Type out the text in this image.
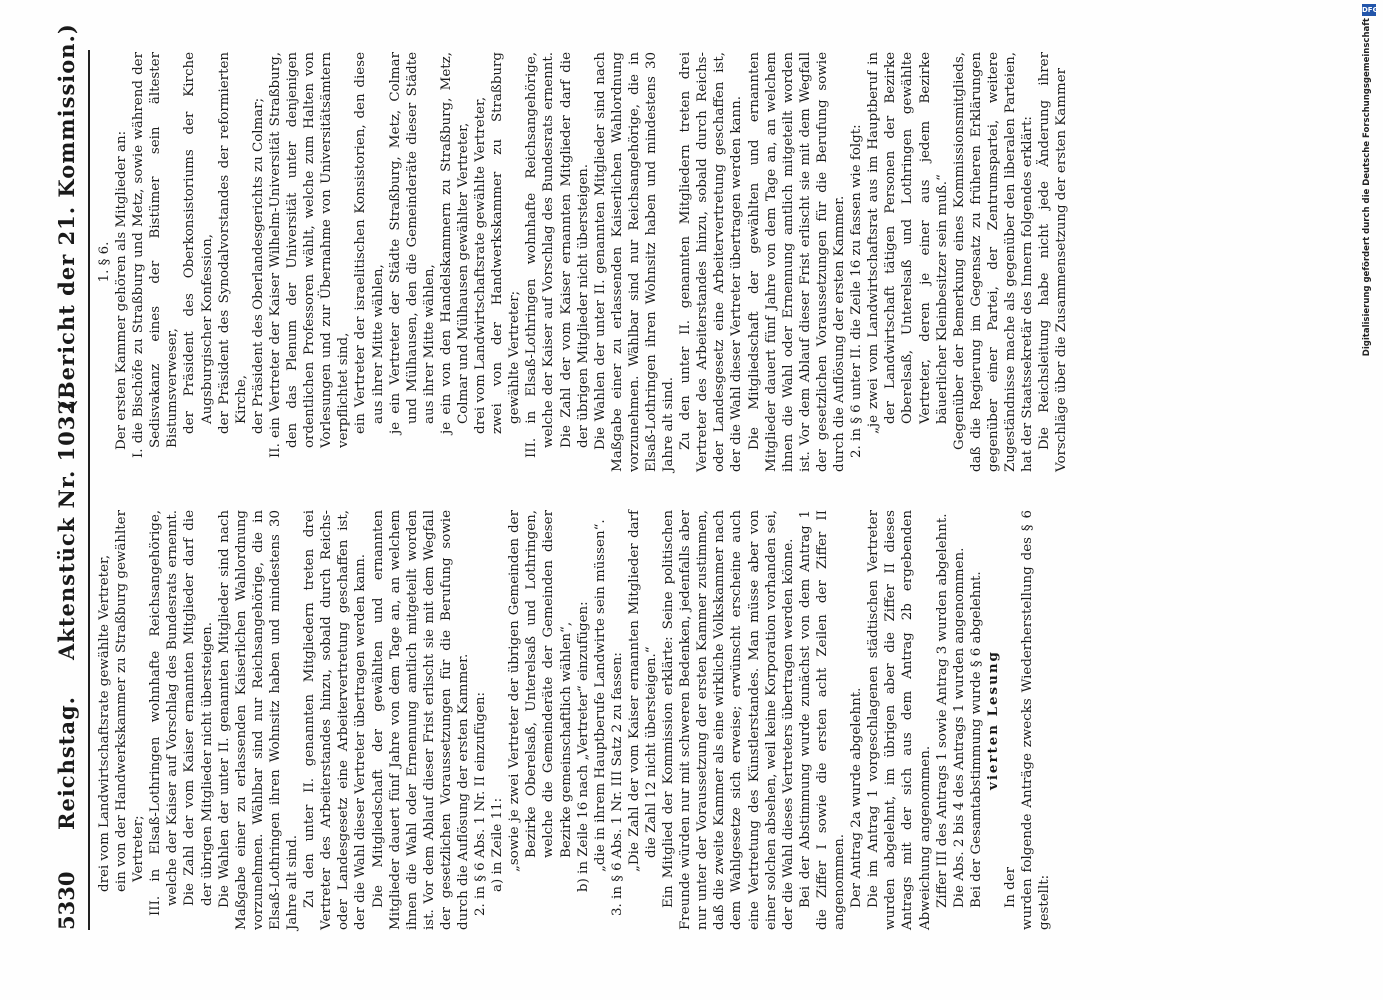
5330
Reichstag.
Aktenstück Nr. 1032.
(Bericht der 21. Kommission.)

drei vom Landwirtschaftsrate gewählte Vertreter, ein von der Handwerkskammer zu Straßburg gewählter Vertreter; III. in Elsaß-Lothringen wohnhafte Reichsangehörige, welche der Kaiser auf Vorschlag des Bundesrats ernennt. Die Zahl der vom Kaiser ernannten Mitglieder darf die der übrigen Mitglieder nicht übersteigen. Die Wahlen der unter II. genannten Mitglieder sind nach Maßgabe einer zu erlassenden Kaiserlichen Wahlordnung vorzunehmen. Wählbar sind nur Reichsangehörige, die in Elsaß-Lothringen ihren Wohnsitz haben und mindestens 30 Jahre alt sind. Zu den unter II. genannten Mitgliedern treten drei Vertreter des Arbeiterstandes hinzu, sobald durch Reichs- oder Landesgesetz eine Arbeitervertretung geschaffen ist, der die Wahl dieser Vertreter übertragen werden kann. Die Mitgliedschaft der gewählten und ernannten Mitglieder dauert fünf Jahre von dem Tage an, an welchem ihnen die Wahl oder Ernennung amtlich mitgeteilt worden ist. Vor dem Ablauf dieser Frist erlischt sie mit dem Wegfall der gesetzlichen Voraussetzungen für die Berufung sowie durch die Auflösung der ersten Kammer. 2. in § 6 Abs. 1 Nr. II einzufügen: a) in Zeile 11: „sowie je zwei Vertreter der übrigen Gemeinden der Bezirke Oberelsaß, Unterelsaß und Lothringen, welche die Gemeinderäte der Gemeinden dieser Bezirke gemeinschaftlich wählen“, b) in Zeile 16 nach „Vertreter“ einzufügen: „die in ihrem Hauptberufe Landwirte sein müssen“. 3. in § 6 Abs. 1 Nr. III Satz 2 zu fassen: „Die Zahl der vom Kaiser ernannten Mitglieder darf die Zahl 12 nicht übersteigen.“ Ein Mitglied der Kommission erklärte: Seine politischen Freunde würden nur mit schweren Bedenken, jedenfalls aber nur unter der Voraussetzung der ersten Kammer zustimmen, daß die zweite Kammer als eine wirkliche Volkskammer nach dem Wahlgesetze sich erweise; erwünscht erscheine auch eine Vertretung des Künstlerstandes. Man müsse aber von einer solchen absehen, weil keine Korporation vorhanden sei, der die Wahl dieses Vertreters übertragen werden könne. Bei der Abstimmung wurde zunächst von dem Antrag 1 die Ziffer I sowie die ersten acht Zeilen der Ziffer II angenommen. Der Antrag 2a wurde abgelehnt. Die im Antrag 1 vorgeschlagenen städtischen Vertreter wurden abgelehnt, im übrigen aber die Ziffer II dieses Antrags mit der sich aus dem Antrag 2b ergebenden Abweichung angenommen. Ziffer III des Antrags 1 sowie Antrag 3 wurden abgelehnt. Die Abs. 2 bis 4 des Antrags 1 wurden angenommen. Bei der Gesamtabstimmung wurde § 6 abgelehnt. vierten Lesung

In der wurden folgende Anträge zwecks Wiederherstellung des § 6 gestellt:

1. § 6. Der ersten Kammer gehören als Mitglieder an: I. die Bischöfe zu Straßburg und Metz, sowie während der Sedisvakanz eines der Bistümer sein ältester Bistumsverweser, der Präsident des Oberkonsistoriums der Kirche Augsburgischer Konfession, der Präsident des Synodalvorstandes der reformierten Kirche, der Präsident des Oberlandesgerichts zu Colmar; II. ein Vertreter der Kaiser Wilhelm-Universität Straßburg, den das Plenum der Universität unter denjenigen ordentlichen Professoren wählt, welche zum Halten von Vorlesungen und zur Übernahme von Universitätsämtern verpflichtet sind, ein Vertreter der israelitischen Konsistorien, den diese aus ihrer Mitte wählen, je ein Vertreter der Städte Straßburg, Metz, Colmar und Mülhausen, den die Gemeinderäte dieser Städte aus ihrer Mitte wählen, je ein von den Handelskammern zu Straßburg, Metz, Colmar und Mülhausen gewählter Vertreter, drei vom Landwirtschaftsrate gewählte Vertreter, zwei von der Handwerkskammer zu Straßburg gewählte Vertreter; III. in Elsaß-Lothringen wohnhafte Reichsangehörige, welche der Kaiser auf Vorschlag des Bundesrats ernennt. Die Zahl der vom Kaiser ernannten Mitglieder darf die der übrigen Mitglieder nicht übersteigen. Die Wahlen der unter II. genannten Mitglieder sind nach Maßgabe einer zu erlassenden Kaiserlichen Wahlordnung vorzunehmen. Wählbar sind nur Reichsangehörige, die in Elsaß-Lothringen ihren Wohnsitz haben und mindestens 30 Jahre alt sind. Zu den unter II. genannten Mitgliedern treten drei Vertreter des Arbeiterstandes hinzu, sobald durch Reichs- oder Landesgesetz eine Arbeitervertretung geschaffen ist, der die Wahl dieser Vertreter übertragen werden kann. Die Mitgliedschaft der gewählten und ernannten Mitglieder dauert fünf Jahre von dem Tage an, an welchem ihnen die Wahl oder Ernennung amtlich mitgeteilt worden ist. Vor dem Ablauf dieser Frist erlischt sie mit dem Wegfall der gesetzlichen Voraussetzungen für die Berufung sowie durch die Auflösung der ersten Kammer. 2. in § 6 unter II. die Zeile 16 zu fassen wie folgt: „je zwei vom Landwirtschaftsrat aus im Hauptberuf in der Landwirtschaft tätigen Personen der Bezirke Oberelsaß, Unterelsaß und Lothringen gewählte Vertreter, deren je einer aus jedem Bezirke bäuerlicher Kleinbesitzer sein muß.“ Gegenüber der Bemerkung eines Kommissionsmitglieds, daß die Regierung im Gegensatz zu früheren Erklärungen gegenüber einer Partei, der Zentrumspartei, weitere Zugeständnisse mache als gegenüber den liberalen Parteien, hat der Staatssekretär des Innern folgendes erklärt: Die Reichsleitung habe nicht jede Änderung ihrer Vorschläge über die Zusammensetzung der ersten Kammer

DFG
Digitalisierung gefördert durch die Deutsche Forschungsgemeinschaft
